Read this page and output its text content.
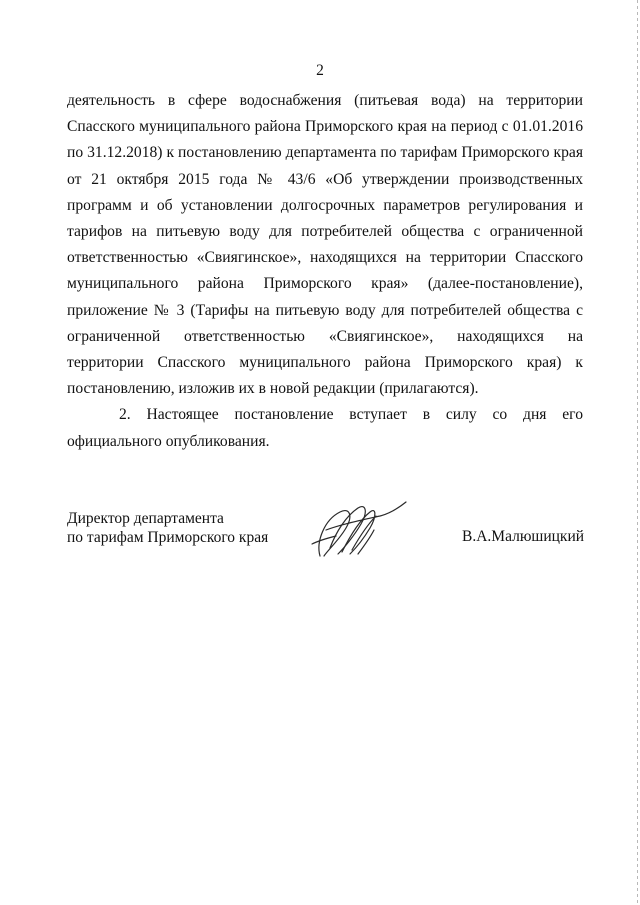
2

деятельность в сфере водоснабжения (питьевая вода) на территории Спасского муниципального района Приморского края на период с 01.01.2016 по 31.12.2018) к постановлению департамента по тарифам Приморского края от 21 октября 2015 года № 43/6 «Об утверждении производственных программ и об установлении долгосрочных параметров регулирования и тарифов на питьевую воду для потребителей общества с ограниченной ответственностью «Свиягинское», находящихся на территории Спасского муниципального района Приморского края» (далее-постановление), приложение № 3 (Тарифы на питьевую воду для потребителей общества с ограниченной ответственностью «Свиягинское», находящихся на территории Спасского муниципального района Приморского края) к постановлению, изложив их в новой редакции (прилагаются).

2. Настоящее постановление вступает в силу со дня его официального опубликования.

Директор департамента
по тарифам Приморского края	В.А.Малюшицкий
